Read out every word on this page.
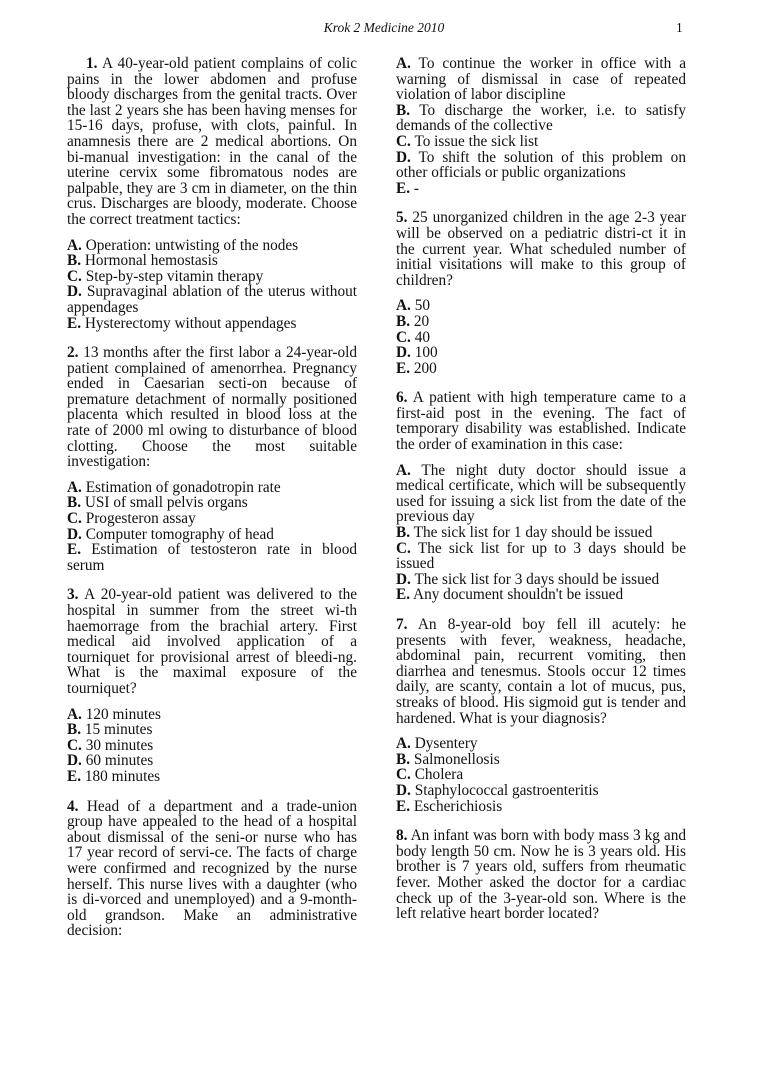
Krok 2 Medicine 2010	1
1. A 40-year-old patient complains of colic pains in the lower abdomen and profuse bloody discharges from the genital tracts. Over the last 2 years she has been having menses for 15-16 days, profuse, with clots, painful. In anamnesis there are 2 medical abortions. On bi-manual investigation: in the canal of the uterine cervix some fibromatous nodes are palpable, they are 3 cm in diameter, on the thin crus. Discharges are bloody, moderate. Choose the correct treatment tactics:
A. Operation: untwisting of the nodes
B. Hormonal hemostasis
C. Step-by-step vitamin therapy
D. Supravaginal ablation of the uterus without appendages
E. Hysterectomy without appendages
2. 13 months after the first labor a 24-year-old patient complained of amenorrhea. Pregnancy ended in Caesarian secti-on because of premature detachment of normally positioned placenta which resulted in blood loss at the rate of 2000 ml owing to disturbance of blood clotting. Choose the most suitable investigation:
A. Estimation of gonadotropin rate
B. USI of small pelvis organs
C. Progesteron assay
D. Computer tomography of head
E. Estimation of testosteron rate in blood serum
3. A 20-year-old patient was delivered to the hospital in summer from the street wi-th haemorrage from the brachial artery. First medical aid involved application of a tourniquet for provisional arrest of bleedi-ng. What is the maximal exposure of the tourniquet?
A. 120 minutes
B. 15 minutes
C. 30 minutes
D. 60 minutes
E. 180 minutes
4. Head of a department and a trade-union group have appealed to the head of a hospital about dismissal of the seni-or nurse who has 17 year record of servi-ce. The facts of charge were confirmed and recognized by the nurse herself. This nurse lives with a daughter (who is di-vorced and unemployed) and a 9-month-old grandson. Make an administrative decision:
A. To continue the worker in office with a warning of dismissal in case of repeated violation of labor discipline
B. To discharge the worker, i.e. to satisfy demands of the collective
C. To issue the sick list
D. To shift the solution of this problem on other officials or public organizations
E. -
5. 25 unorganized children in the age 2-3 year will be observed on a pediatric distri-ct it in the current year. What scheduled number of initial visitations will make to this group of children?
A. 50
B. 20
C. 40
D. 100
E. 200
6. A patient with high temperature came to a first-aid post in the evening. The fact of temporary disability was established. Indicate the order of examination in this case:
A. The night duty doctor should issue a medical certificate, which will be subsequently used for issuing a sick list from the date of the previous day
B. The sick list for 1 day should be issued
C. The sick list for up to 3 days should be issued
D. The sick list for 3 days should be issued
E. Any document shouldn't be issued
7. An 8-year-old boy fell ill acutely: he presents with fever, weakness, headache, abdominal pain, recurrent vomiting, then diarrhea and tenesmus. Stools occur 12 times daily, are scanty, contain a lot of mucus, pus, streaks of blood. His sigmoid gut is tender and hardened. What is your diagnosis?
A. Dysentery
B. Salmonellosis
C. Cholera
D. Staphylococcal gastroenteritis
E. Escherichiosis
8. An infant was born with body mass 3 kg and body length 50 cm. Now he is 3 years old. His brother is 7 years old, suffers from rheumatic fever. Mother asked the doctor for a cardiac check up of the 3-year-old son. Where is the left relative heart border located?
